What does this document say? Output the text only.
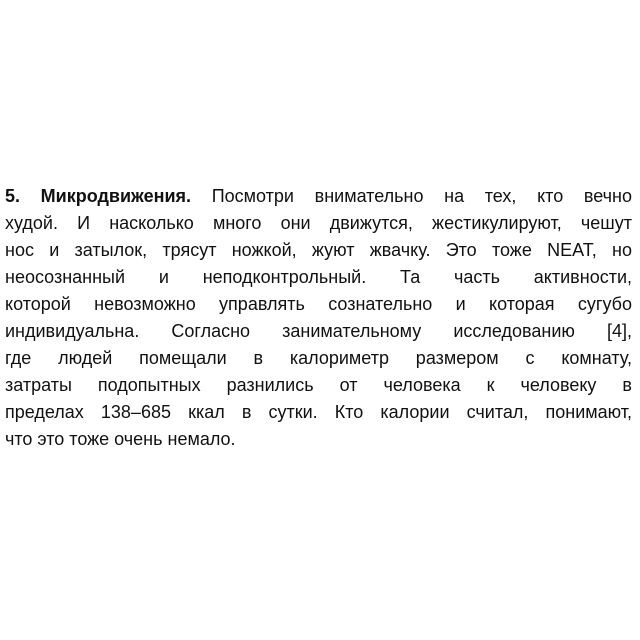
5. Микродвижения. Посмотри внимательно на тех, кто вечно
худой. И насколько много они движутся, жестикулируют, чешут
нос и затылок, трясут ножкой, жуют жвачку. Это тоже NEAT, но
неосознанный и неподконтрольный. Та часть активности,
которой невозможно управлять сознательно и которая сугубо
индивидуальна. Согласно занимательному исследованию [4],
где людей помещали в калориметр размером с комнату,
затраты подопытных разнились от человека к человеку в
пределах 138–685 ккал в сутки. Кто калории считал, понимают,
что это тоже очень немало.
